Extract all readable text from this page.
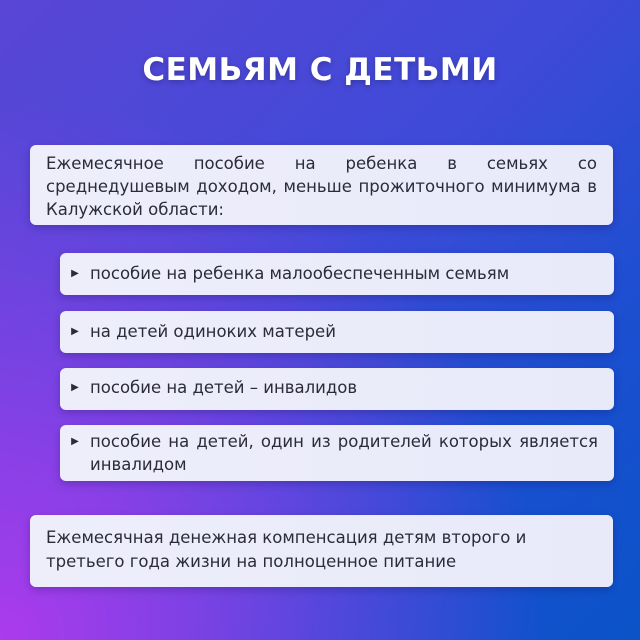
СЕМЬЯМ С ДЕТЬМИ
Ежемесячное пособие на ребенка в семьях со среднедушевым доходом, меньше прожиточного минимума в Калужской области:
▶ пособие на ребенка малообеспеченным семьям
▶ на детей одиноких матерей
▶ пособие на детей – инвалидов
▶ пособие на детей, один из родителей которых является инвалидом
Ежемесячная денежная компенсация детям второго и третьего года жизни на полноценное питание
